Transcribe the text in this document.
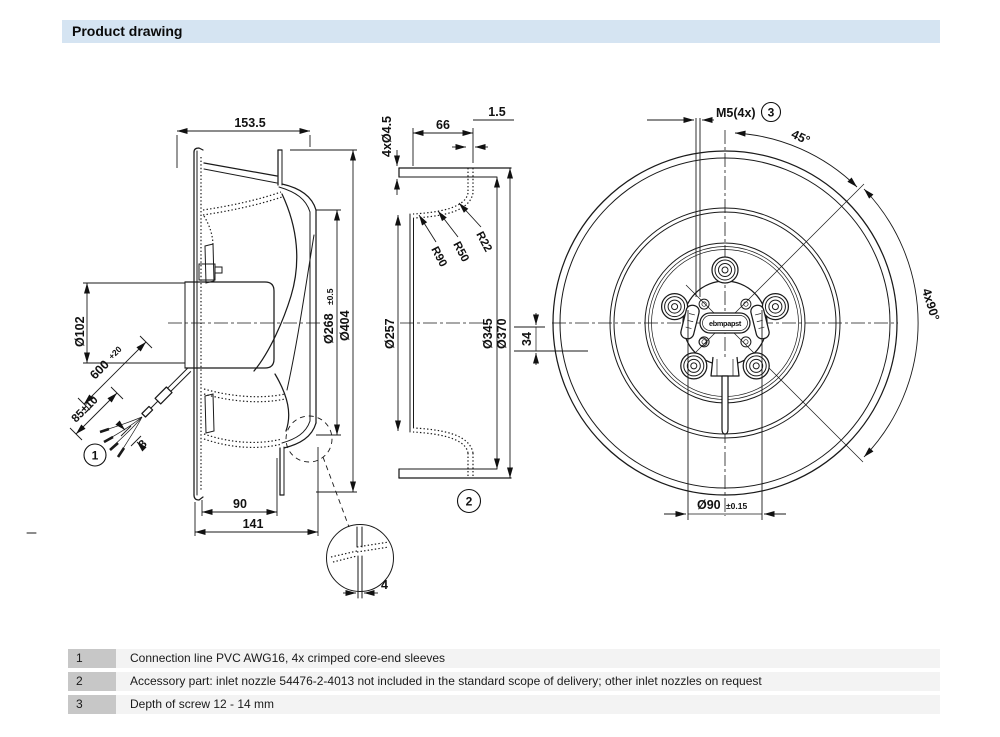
Product drawing
153.5
Ø102
600
+20
85±10
8
1
90
141
Ø268
±0.5
Ø404
4
4xØ4.5	66
1.5
R90 R50 R22
Ø257	Ø345 Ø370 34
2
ebmpapst
M5(4x) 3
45°
4x90°
Ø90 ±0.15
1	Connection line PVC AWG16, 4x crimped core-end sleeves
2	Accessory part: inlet nozzle 54476-2-4013 not included in the standard scope of delivery; other inlet nozzles on request
3	Depth of screw 12 - 14 mm
